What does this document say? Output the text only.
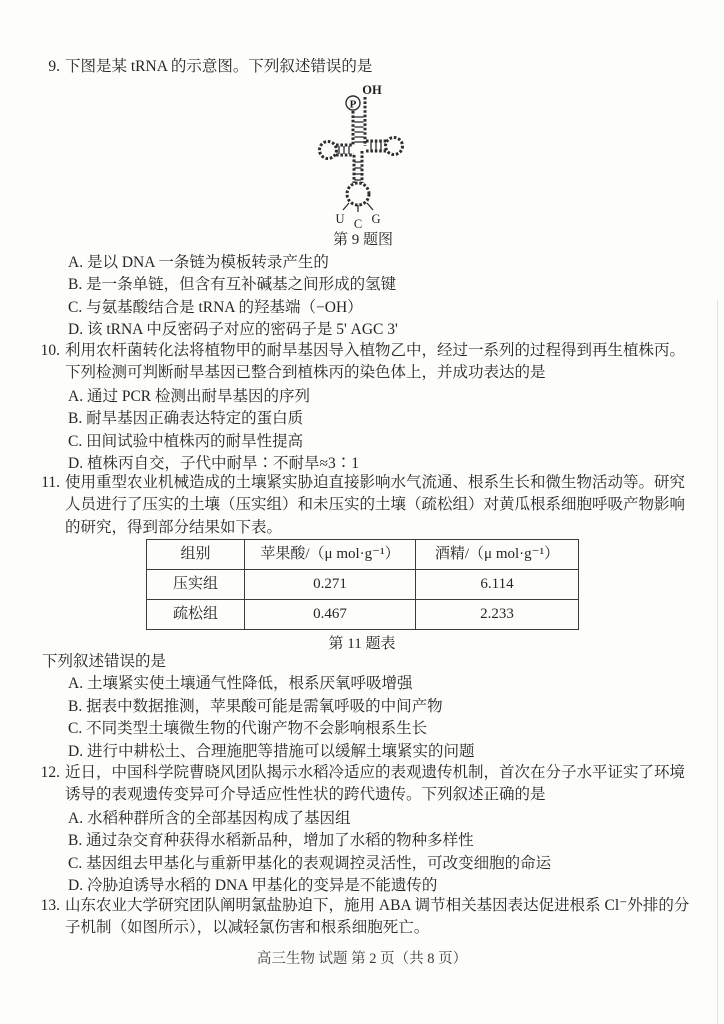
9. 下图是某 tRNA 的示意图。下列叙述错误的是
P
OH
U C G
第 9 题图
A. 是以 DNA 一条链为模板转录产生的
B. 是一条单链，但含有互补碱基之间形成的氢键
C. 与氨基酸结合是 tRNA 的羟基端（−OH）
D. 该 tRNA 中反密码子对应的密码子是 5' AGC 3'
10. 利用农杆菌转化法将植物甲的耐旱基因导入植物乙中，经过一系列的过程得到再生植株丙。下列检测可判断耐旱基因已整合到植株丙的染色体上，并成功表达的是
A. 通过 PCR 检测出耐旱基因的序列
B. 耐旱基因正确表达特定的蛋白质
C. 田间试验中植株丙的耐旱性提高
D. 植株丙自交，子代中耐旱∶不耐旱≈3∶1
11. 使用重型农业机械造成的土壤紧实胁迫直接影响水气流通、根系生长和微生物活动等。研究人员进行了压实的土壤（压实组）和未压实的土壤（疏松组）对黄瓜根系细胞呼吸产物影响的研究，得到部分结果如下表。
组别	苹果酸/（μ mol·g⁻¹）	酒精/（μ mol·g⁻¹）
压实组	0.271	6.114
疏松组	0.467	2.233
第 11 题表
下列叙述错误的是
A. 土壤紧实使土壤通气性降低，根系厌氧呼吸增强
B. 据表中数据推测，苹果酸可能是需氧呼吸的中间产物
C. 不同类型土壤微生物的代谢产物不会影响根系生长
D. 进行中耕松土、合理施肥等措施可以缓解土壤紧实的问题
12. 近日，中国科学院曹晓风团队揭示水稻冷适应的表观遗传机制，首次在分子水平证实了环境诱导的表观遗传变异可介导适应性性状的跨代遗传。下列叙述正确的是
A. 水稻种群所含的全部基因构成了基因组
B. 通过杂交育种获得水稻新品种，增加了水稻的物种多样性
C. 基因组去甲基化与重新甲基化的表观调控灵活性，可改变细胞的命运
D. 冷胁迫诱导水稻的 DNA 甲基化的变异是不能遗传的
13. 山东农业大学研究团队阐明氯盐胁迫下，施用 ABA 调节相关基因表达促进根系 Cl⁻外排的分子机制（如图所示），以减轻氯伤害和根系细胞死亡。
高三生物 试题 第 2 页（共 8 页）
